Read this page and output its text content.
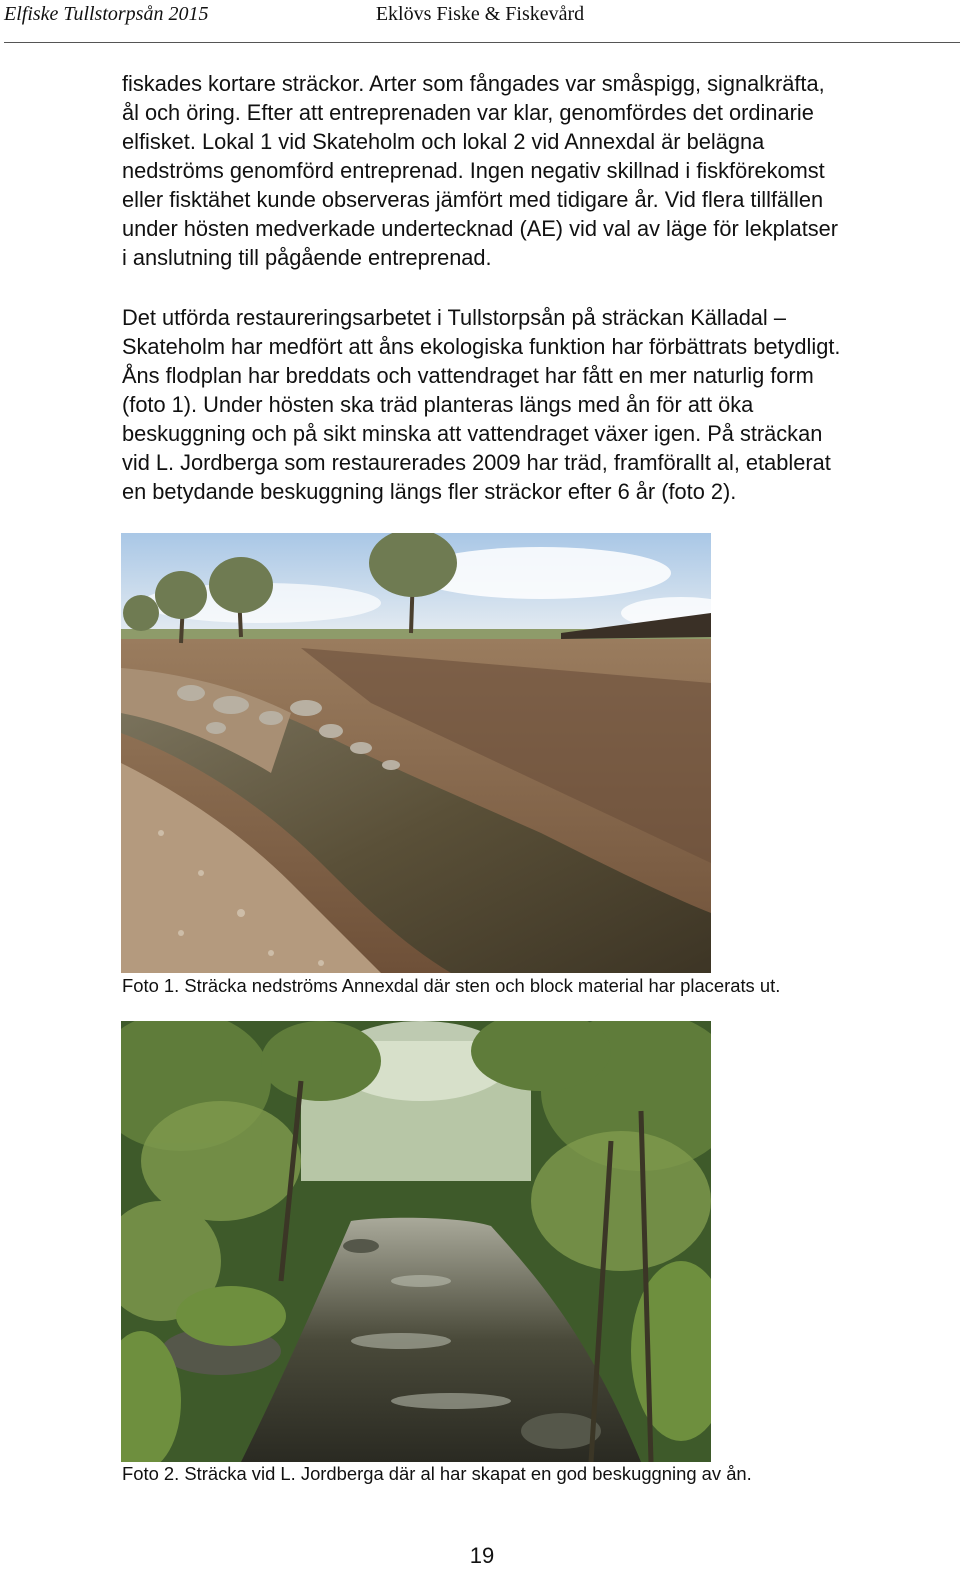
Elfiske Tullstorpsån 2015	Eklövs Fiske & Fiskevård

fiskades kortare sträckor. Arter som fångades var småspigg, signalkräfta,
ål och öring. Efter att entreprenaden var klar, genomfördes det ordinarie
elfisket. Lokal 1 vid Skateholm och lokal 2 vid Annexdal är belägna
nedströms genomförd entreprenad. Ingen negativ skillnad i fiskförekomst
eller fisktähet kunde observeras jämfört med tidigare år. Vid flera tillfällen
under hösten medverkade undertecknad (AE) vid val av läge för lekplatser
i anslutning till pågående entreprenad.

Det utförda restaureringsarbetet i Tullstorpsån på sträckan Källadal –
Skateholm har medfört att åns ekologiska funktion har förbättrats betydligt.
Åns flodplan har breddats och vattendraget har fått en mer naturlig form
(foto 1). Under hösten ska träd planteras längs med ån för att öka
beskuggning och på sikt minska att vattendraget växer igen. På sträckan
vid L. Jordberga som restaurerades 2009 har träd, framförallt al, etablerat
en betydande beskuggning längs fler sträckor efter 6 år (foto 2).

Foto 1. Sträcka nedströms Annexdal där sten och block material har placerats ut.

Foto 2. Sträcka vid L. Jordberga där al har skapat en god beskuggning av ån.

19
